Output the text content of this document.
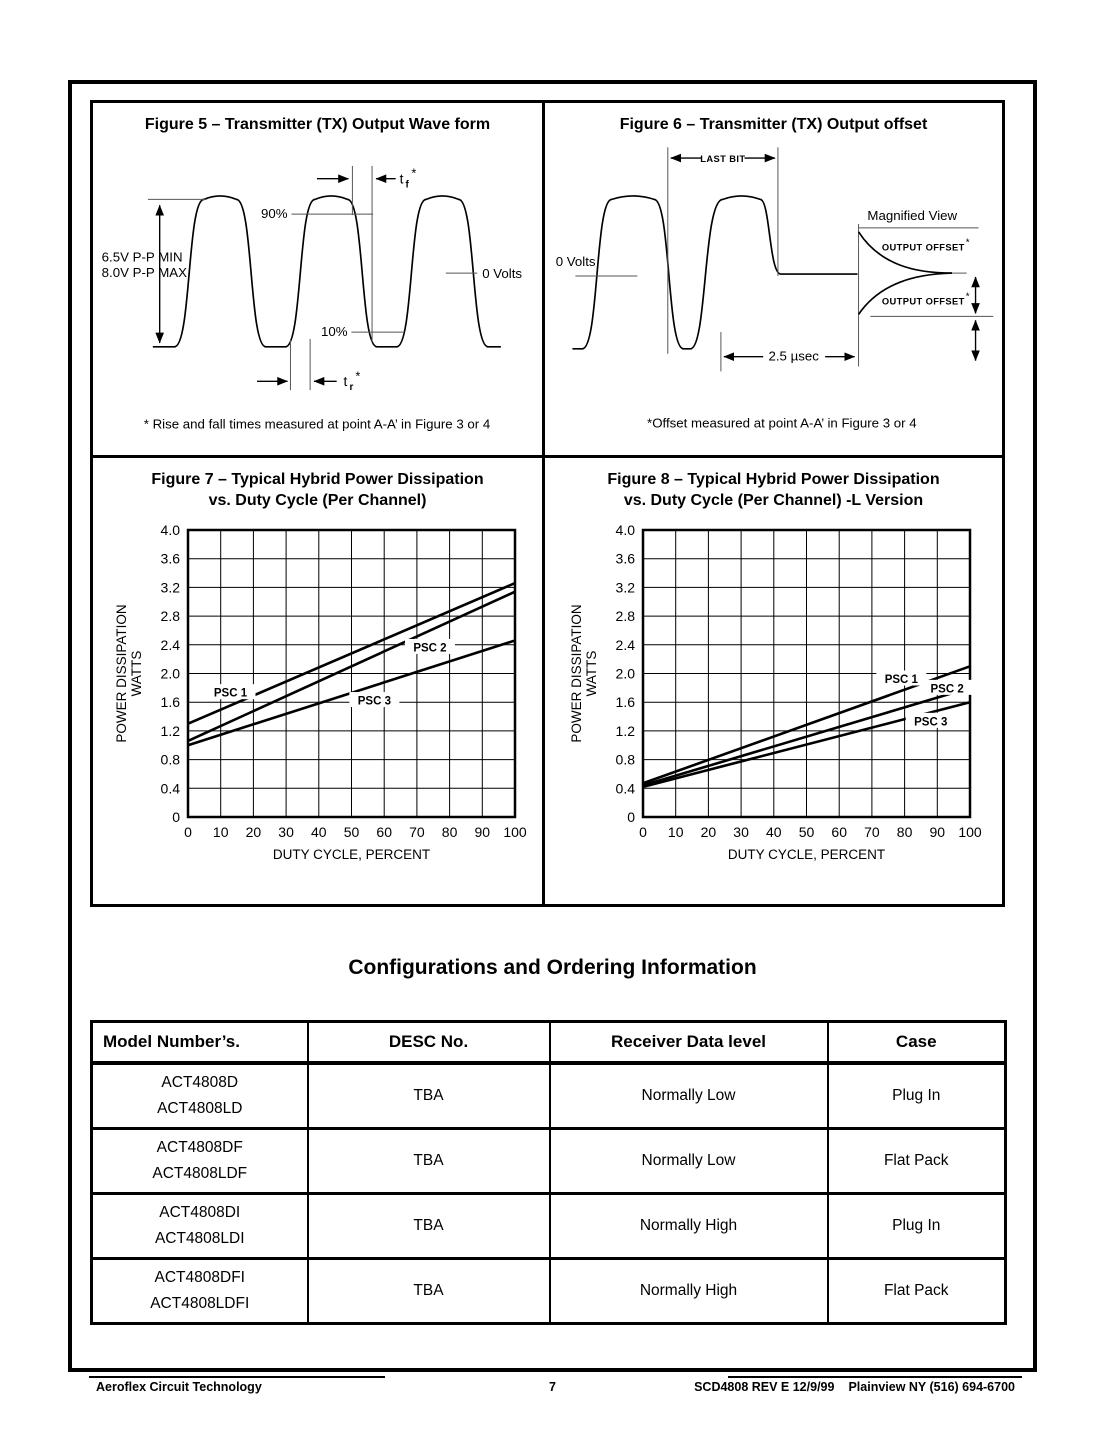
Figure 5 – Transmitter (TX) Output Wave form
6.5V P-P MIN
8.0V P-P MAX
90%
10%
t f
*
t r
*
0 Volts
* Rise and fall times measured at point A-A’ in Figure 3 or 4
Figure 6 – Transmitter (TX) Output offset
LAST BIT
0 Volts
2.5 µsec
Magnified View
OUTPUT OFFSET *
OUTPUT OFFSET *
*Offset measured at point A-A’ in Figure 3 or 4
Figure 7 – Typical Hybrid Power Dissipation
vs. Duty Cycle (Per Channel)
PSC 1
PSC 2
PSC 3
0 10 20 30 40 50 60 70 80 90 100
4.0
3.6
3.2
2.8
2.4
2.0
1.6
1.2
0.8
0.4
0
DUTY CYCLE, PERCENT
POWER DISSIPATION WATTS
Figure 8 – Typical Hybrid Power Dissipation
vs. Duty Cycle (Per Channel) -L Version
PSC 1
PSC 2
PSC 3
0 10 20 30 40 50 60 70 80 90 100
4.0
3.6
3.2
2.8
2.4
2.0
1.6
1.2
0.8
0.4
0
DUTY CYCLE, PERCENT
POWER DISSIPATION WATTS
Configurations and Ordering Information
Model Number’s.	DESC No.	Receiver Data level	Case

ACT4808D
ACT4808LD	TBA	Normally Low	Plug In

ACT4808DF
ACT4808LDF	TBA	Normally Low	Flat Pack

ACT4808DI
ACT4808LDI	TBA	Normally High	Plug In

ACT4808DFI
ACT4808LDFI	TBA	Normally High	Flat Pack
Aeroflex Circuit Technology	7	SCD4808 REV E 12/9/99 Plainview NY (516) 694-6700
